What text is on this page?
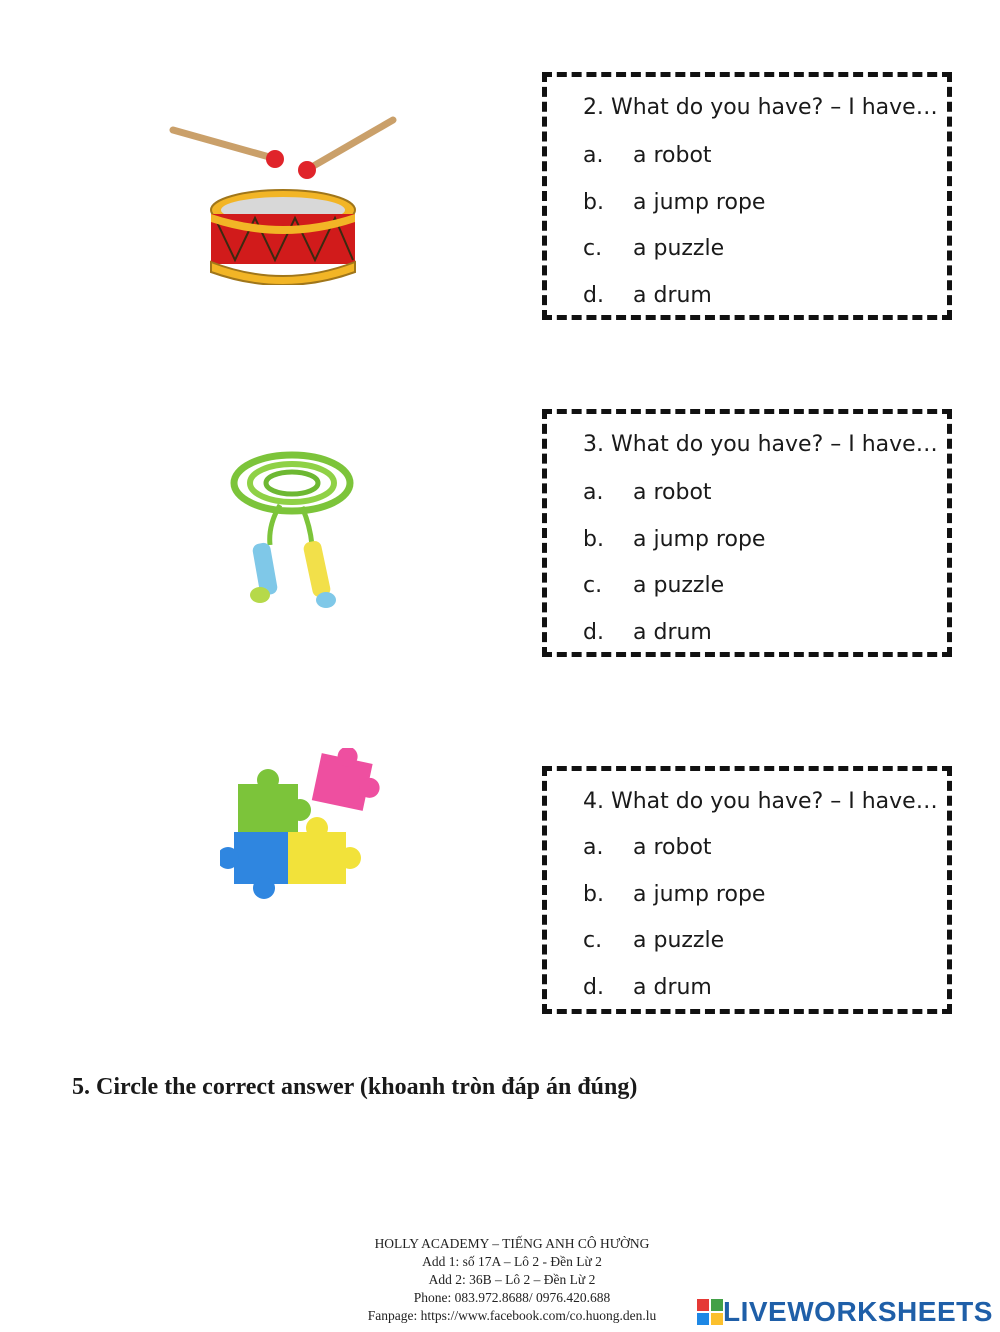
2. What do you have? – I have…
a. a robot
b. a jump rope
c. a puzzle
d. a drum
3. What do you have? – I have…
a. a robot
b. a jump rope
c. a puzzle
d. a drum
4. What do you have? – I have…
a. a robot
b. a jump rope
c. a puzzle
d. a drum
5. Circle the correct answer (khoanh tròn đáp án đúng)
HOLLY ACADEMY – TIẾNG ANH CÔ HƯỜNG
Add 1: số 17A – Lô 2 - Đền Lừ 2
Add 2: 36B – Lô 2 – Đền Lừ 2
Phone: 083.972.8688/ 0976.420.688
Fanpage: https://www.facebook.com/co.huong.den.lu	LIVEWORKSHEETS
